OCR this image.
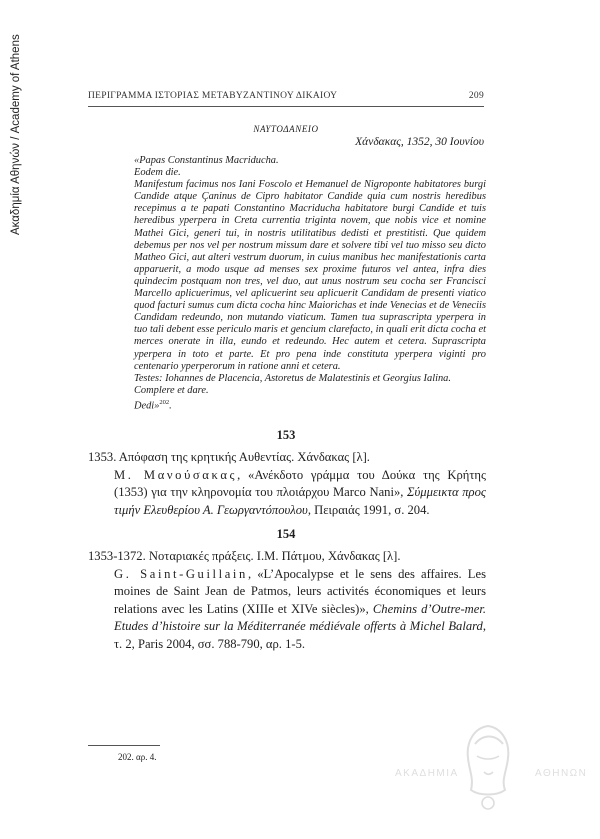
Ακαδημία Αθηνών / Academy of Athens	ΠΕΡΙΓΡΑΜΜΑ ΙΣΤΟΡΙΑΣ ΜΕΤΑΒΥΖΑΝΤΙΝΟΥ ΔΙΚΑΙΟΥ	209
ΝΑΥΤΟΔΑΝΕΙΟ
Χάνδακας, 1352, 30 Ιουνίου

«Papas Constantinus Macriducha.

Eodem die.

Manifestum facimus nos Iani Foscolo et Hemanuel de Nigroponte habitatores burgi Candide atque Çaninus de Cipro habitator Candide quia cum nostris heredibus recepimus a te papati Constantino Macriducha habitatore burgi Candide et tuis heredibus yperpera in Creta currentia triginta novem, que nobis vice et nomine Mathei Gici, generi tui, in nostris utilitatibus dedisti et prestitisti. Que quidem debemus per nos vel per nostrum missum dare et solvere tibi vel tuo misso seu dicto Matheo Gici, aut alteri vestrum duorum, in cuius manibus hec manifestationis carta apparuerit, a modo usque ad menses sex proxime futuros vel antea, infra dies quindecim postquam non tres, vel duo, aut unus nostrum seu cocha ser Francisci Marcello aplicuerimus, vel aplicuerint seu aplicuerit Candidam de presenti viatico quod facturi sumus cum dicta cocha hinc Maiorichas et inde Venecias et de Veneciis Candidam redeundo, non mutando viaticum. Tamen tua suprascripta yperpera in tuo tali debent esse periculo maris et gencium clarefacto, in quali erit dicta cocha et merces onerate in illa, eundo et redeundo. Hec autem et cetera. Suprascripta yperpera in toto et parte. Et pro pena inde constituta yperpera viginti pro centenario yperperorum in ratione anni et cetera.

Testes: Iohannes de Placencia, Astoretus de Malatestinis et Georgius Ialina.

Complere et dare.

Dedi»$^{202}$.

153

1353. Απόφαση της κρητικής Αυθεντίας. Χάνδακας [λ].

Μ. Μανούσακας, «Ανέκδοτο γράμμα του Δούκα της Κρήτης (1353) για την κληρονομία του πλοιάρχου Marco Nani», Σύμμεικτα προς τιμήν Ελευθερίου Α. Γεωργαντόπουλου, Πειραιάς 1991, σ. 204.

154

1353-1372. Νοταριακές πράξεις. Ι.Μ. Πάτμου, Χάνδακας [λ].

G. Saint-Guillain, «L’Apocalypse et le sens des affaires. Les moines de Saint Jean de Patmos, leurs activités économiques et leurs relations avec les Latins (XIIIe et XIVe siècles)», Chemins d’Outre-mer. Etudes d’histoire sur la Méditerranée médiévale offerts à Michel Balard, τ. 2, Paris 2004, σσ. 788-790, αρ. 1-5.

202. αρ. 4.
ΑΚΑΔΗΜΙΑ	ΑΘΗΝΩΝ
